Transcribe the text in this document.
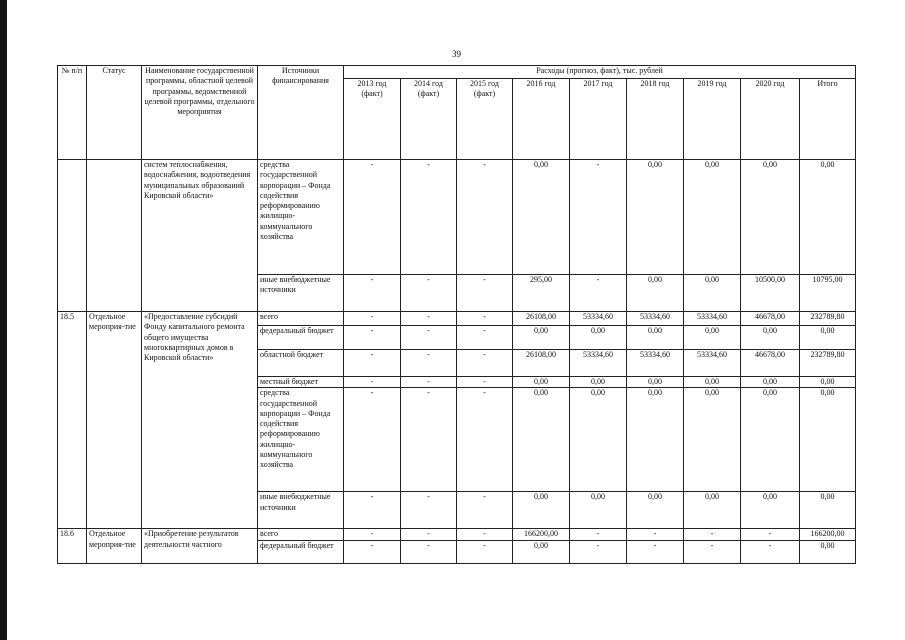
39
№ п/п	Статус	Наименование государственной программы, областной целевой программы, ведомственной целевой программы, отдельного мероприятия	Источники финансирования	Расходы (прогноз, факт), тыс. рублей								
				2013 год (факт)	2014 год (факт)	2015 год (факт)	2016 год	2017 год	2018 год	2019 год	2020 год	Итого
		систем теплоснабжения, водоснабжения, водоотведения муниципальных образований Кировской области»	средства государственной корпорации – Фонда содействия реформированию жилищно-коммунального хозяйства	-	-	-	0,00	-	0,00	0,00	0,00	0,00
			иные внебюджетные источники	-	-	-	295,00	-	0,00	0,00	10500,00	10795,00
18.5	Отдельное мероприя-тие	«Предоставление субсидий Фонду капитального ремонта общего имущества многоквартирных домов в Кировской области»	всего	-	-	-	26108,00	53334,60	53334,60	53334,60	46678,00	232789,80
			федеральный бюджет	-	-	-	0,00	0,00	0,00	0,00	0,00	0,00
			областной бюджет	-	-	-	26108,00	53334,60	53334,60	53334,60	46678,00	232789,80
			местный бюджет	-	-	-	0,00	0,00	0,00	0,00	0,00	0,00
			средства государственной корпорации – Фонда содействия реформированию жилищно-коммунального хозяйства	-	-	-	0,00	0,00	0,00	0,00	0,00	0,00
			иные внебюджетные источники	-	-	-	0,00	0,00	0,00	0,00	0,00	0,00
18.6	Отдельное мероприя-тие	«Приобретение результатов деятельности частного	всего	-	-	-	166200,00	-	-	-	-	166200,00
			федеральный бюджет	-	-	-	0,00	-	-	-	-	0,00
